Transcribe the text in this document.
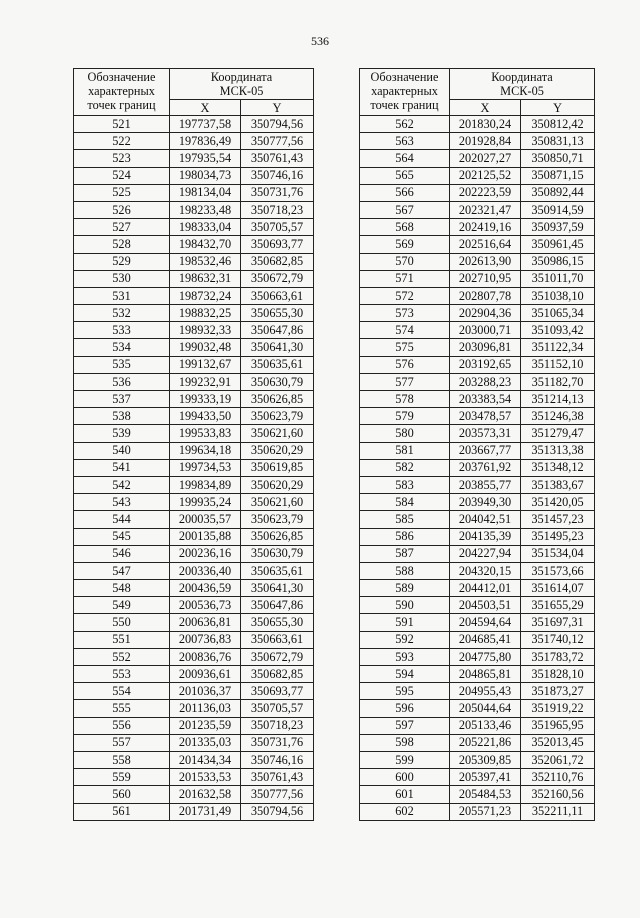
536
Обозначение
характерных
точек границ	Координата
МСК-05	
	X	Y
521	197737,58	350794,56
522	197836,49	350777,56
523	197935,54	350761,43
524	198034,73	350746,16
525	198134,04	350731,76
526	198233,48	350718,23
527	198333,04	350705,57
528	198432,70	350693,77
529	198532,46	350682,85
530	198632,31	350672,79
531	198732,24	350663,61
532	198832,25	350655,30
533	198932,33	350647,86
534	199032,48	350641,30
535	199132,67	350635,61
536	199232,91	350630,79
537	199333,19	350626,85
538	199433,50	350623,79
539	199533,83	350621,60
540	199634,18	350620,29
541	199734,53	350619,85
542	199834,89	350620,29
543	199935,24	350621,60
544	200035,57	350623,79
545	200135,88	350626,85
546	200236,16	350630,79
547	200336,40	350635,61
548	200436,59	350641,30
549	200536,73	350647,86
550	200636,81	350655,30
551	200736,83	350663,61
552	200836,76	350672,79
553	200936,61	350682,85
554	201036,37	350693,77
555	201136,03	350705,57
556	201235,59	350718,23
557	201335,03	350731,76
558	201434,34	350746,16
559	201533,53	350761,43
560	201632,58	350777,56
561	201731,49	350794,56
Обозначение
характерных
точек границ	Координата
МСК-05	
	X	Y
562	201830,24	350812,42
563	201928,84	350831,13
564	202027,27	350850,71
565	202125,52	350871,15
566	202223,59	350892,44
567	202321,47	350914,59
568	202419,16	350937,59
569	202516,64	350961,45
570	202613,90	350986,15
571	202710,95	351011,70
572	202807,78	351038,10
573	202904,36	351065,34
574	203000,71	351093,42
575	203096,81	351122,34
576	203192,65	351152,10
577	203288,23	351182,70
578	203383,54	351214,13
579	203478,57	351246,38
580	203573,31	351279,47
581	203667,77	351313,38
582	203761,92	351348,12
583	203855,77	351383,67
584	203949,30	351420,05
585	204042,51	351457,23
586	204135,39	351495,23
587	204227,94	351534,04
588	204320,15	351573,66
589	204412,01	351614,07
590	204503,51	351655,29
591	204594,64	351697,31
592	204685,41	351740,12
593	204775,80	351783,72
594	204865,81	351828,10
595	204955,43	351873,27
596	205044,64	351919,22
597	205133,46	351965,95
598	205221,86	352013,45
599	205309,85	352061,72
600	205397,41	352110,76
601	205484,53	352160,56
602	205571,23	352211,11
